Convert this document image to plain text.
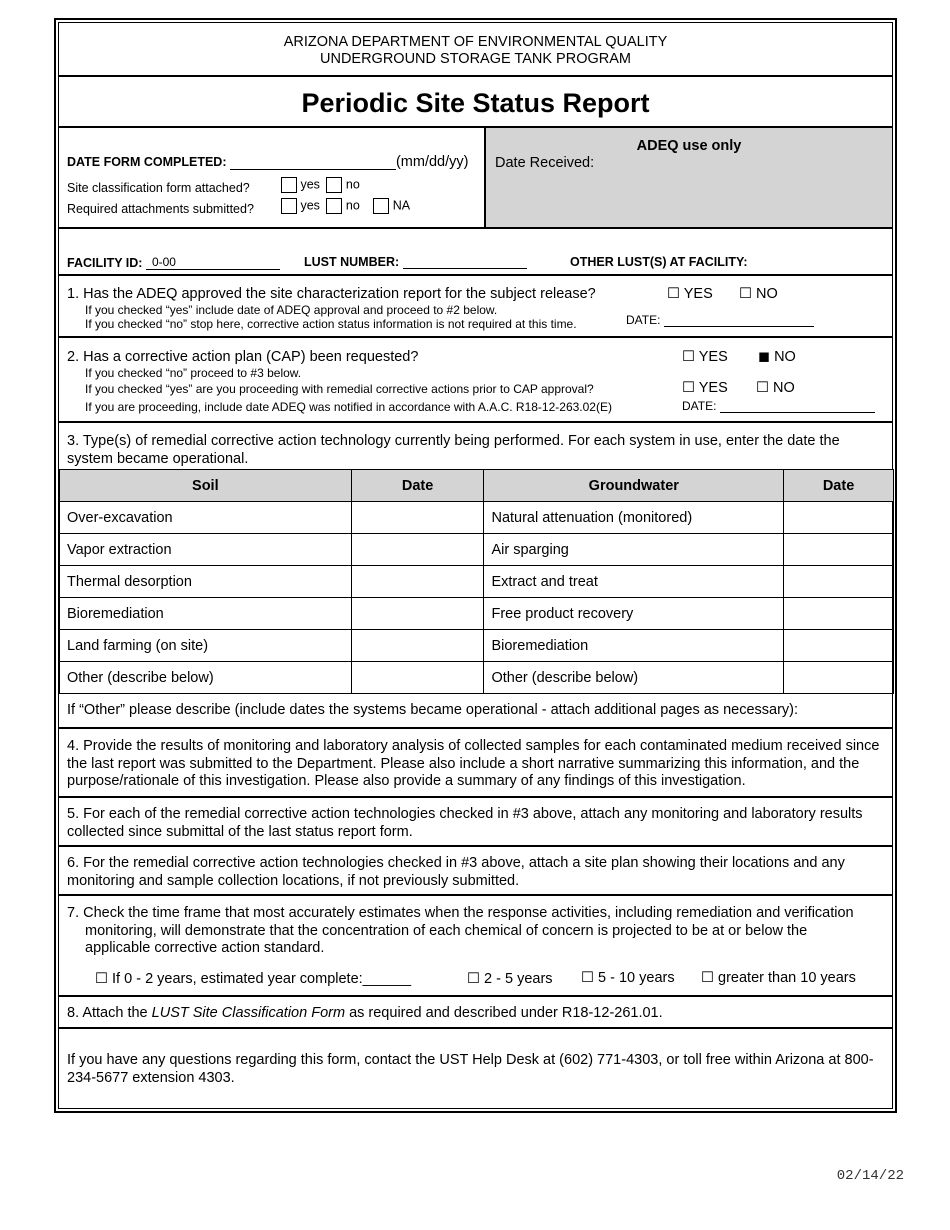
ARIZONA DEPARTMENT OF ENVIRONMENTAL QUALITY
UNDERGROUND STORAGE TANK PROGRAM
Periodic Site Status Report
DATE FORM COMPLETED:	(mm/dd/yy)
Site classification form attached?	yes no
Required attachments submitted?	yes no	NA
ADEQ use only
Date Received:
FACILITY ID: 0-00	LUST NUMBER:	OTHER LUST(S) AT FACILITY:
1. Has the ADEQ approved the site characterization report for the subject release?	☐ YES ☐ NO
If you checked “yes” include date of ADEQ approval and proceed to #2 below.
If you checked “no” stop here, corrective action status information is not required at this time.	DATE:
2. Has a corrective action plan (CAP) been requested?	☐ YES ◼ NO
If you checked “no” proceed to #3 below.
If you checked “yes” are you proceeding with remedial corrective actions prior to CAP approval?	☐ YES ☐ NO
If you are proceeding, include date ADEQ was notified in accordance with A.A.C. R18-12-263.02(E)	DATE:
3. Type(s) of remedial corrective action technology currently being performed. For each system in use, enter the date the system became operational.
Soil	Date	Groundwater	Date
Over-excavation		Natural attenuation (monitored)	
Vapor extraction		Air sparging	
Thermal desorption		Extract and treat	
Bioremediation		Free product recovery	
Land farming (on site)		Bioremediation	
Other (describe below)		Other (describe below)	
If “Other” please describe (include dates the systems became operational - attach additional pages as necessary):
4. Provide the results of monitoring and laboratory analysis of collected samples for each contaminated medium received since the last report was submitted to the Department. Please also include a short narrative summarizing this information, and the purpose/rationale of this investigation. Please also provide a summary of any findings of this investigation.
5. For each of the remedial corrective action technologies checked in #3 above, attach any monitoring and laboratory results collected since submittal of the last status report form.
6. For the remedial corrective action technologies checked in #3 above, attach a site plan showing their locations and any monitoring and sample collection locations, if not previously submitted.
7. Check the time frame that most accurately estimates when the response activities, including remediation and verification
monitoring, will demonstrate that the concentration of each chemical of concern is projected to be at or below the applicable corrective action standard.
☐ If 0 - 2 years, estimated year complete:______	☐ 2 - 5 years ☐ 5 - 10 years ☐ greater than 10 years
8. Attach the LUST Site Classification Form as required and described under R18-12-261.01.
If you have any questions regarding this form, contact the UST Help Desk at (602) 771-4303, or toll free within Arizona at 800-234-5677 extension 4303.
02/14/22
